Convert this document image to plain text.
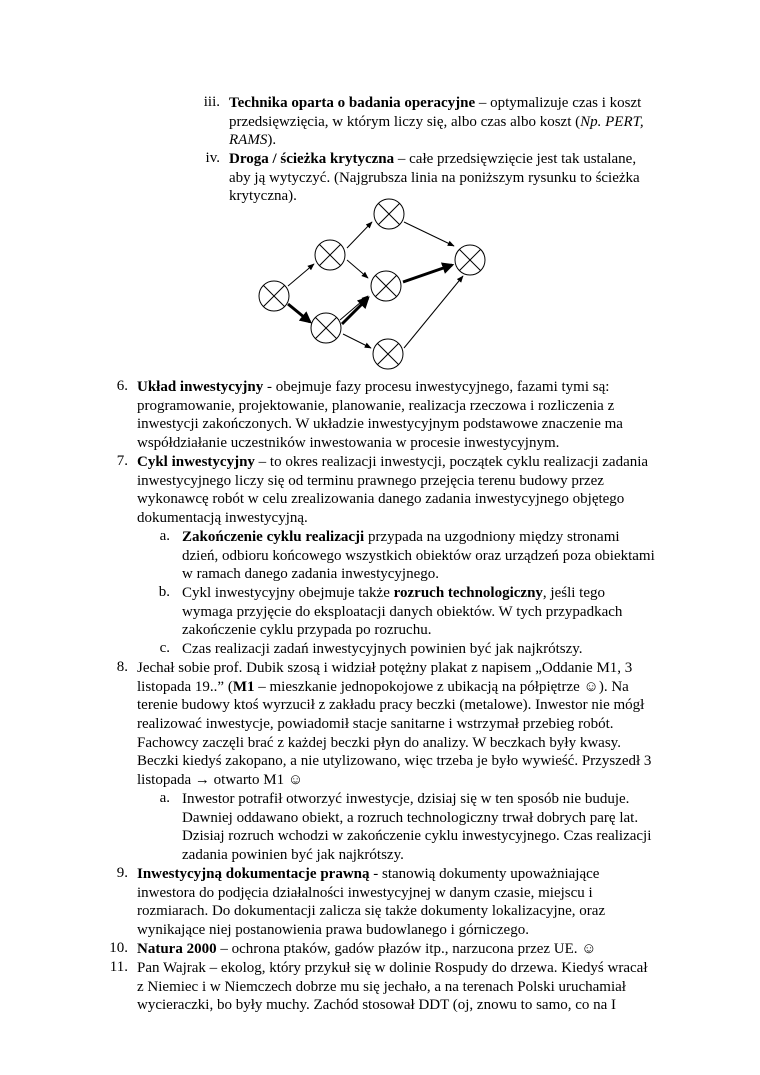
iii. Technika oparta o badania operacyjne – optymalizuje czas i koszt
przedsięwzięcia, w którym liczy się, albo czas albo koszt (Np. PERT,
RAMS).
iv. Droga / ścieżka krytyczna – całe przedsięwzięcie jest tak ustalane,
aby ją wytyczyć. (Najgrubsza linia na poniższym rysunku to ścieżka
krytyczna).
6. Układ inwestycyjny - obejmuje fazy procesu inwestycyjnego, fazami tymi są:
programowanie, projektowanie, planowanie, realizacja rzeczowa i rozliczenia z
inwestycji zakończonych. W układzie inwestycyjnym podstawowe znaczenie ma
współdziałanie uczestników inwestowania w procesie inwestycyjnym.
7. Cykl inwestycyjny – to okres realizacji inwestycji, początek cyklu realizacji zadania
inwestycyjnego liczy się od terminu prawnego przejęcia terenu budowy przez
wykonawcę robót w celu zrealizowania danego zadania inwestycyjnego objętego
dokumentacją inwestycyjną.
a. Zakończenie cyklu realizacji przypada na uzgodniony między stronami
dzień, odbioru końcowego wszystkich obiektów oraz urządzeń poza obiektami
w ramach danego zadania inwestycyjnego.
b. Cykl inwestycyjny obejmuje także rozruch technologiczny, jeśli tego
wymaga przyjęcie do eksploatacji danych obiektów. W tych przypadkach
zakończenie cyklu przypada po rozruchu.
c. Czas realizacji zadań inwestycyjnych powinien być jak najkrótszy.
8. Jechał sobie prof. Dubik szosą i widział potężny plakat z napisem „Oddanie M1, 3
listopada 19..” (M1 – mieszkanie jednopokojowe z ubikacją na półpiętrze ☺). Na
terenie budowy ktoś wyrzucił z zakładu pracy beczki (metalowe). Inwestor nie mógł
realizować inwestycje, powiadomił stacje sanitarne i wstrzymał przebieg robót.
Fachowcy zaczęli brać z każdej beczki płyn do analizy. W beczkach były kwasy.
Beczki kiedyś zakopano, a nie utylizowano, więc trzeba je było wywieść. Przyszedł 3
listopada → otwarto M1 ☺
a. Inwestor potrafił otworzyć inwestycje, dzisiaj się w ten sposób nie buduje.
Dawniej oddawano obiekt, a rozruch technologiczny trwał dobrych parę lat.
Dzisiaj rozruch wchodzi w zakończenie cyklu inwestycyjnego. Czas realizacji
zadania powinien być jak najkrótszy.
9. Inwestycyjną dokumentacje prawną - stanowią dokumenty upoważniające
inwestora do podjęcia działalności inwestycyjnej w danym czasie, miejscu i
rozmiarach. Do dokumentacji zalicza się także dokumenty lokalizacyjne, oraz
wynikające niej postanowienia prawa budowlanego i górniczego.
10. Natura 2000 – ochrona ptaków, gadów płazów itp., narzucona przez UE. ☺
11. Pan Wajrak – ekolog, który przykuł się w dolinie Rospudy do drzewa. Kiedyś wracał
z Niemiec i w Niemczech dobrze mu się jechało, a na terenach Polski uruchamiał
wycieraczki, bo były muchy. Zachód stosował DDT (oj, znowu to samo, co na I
